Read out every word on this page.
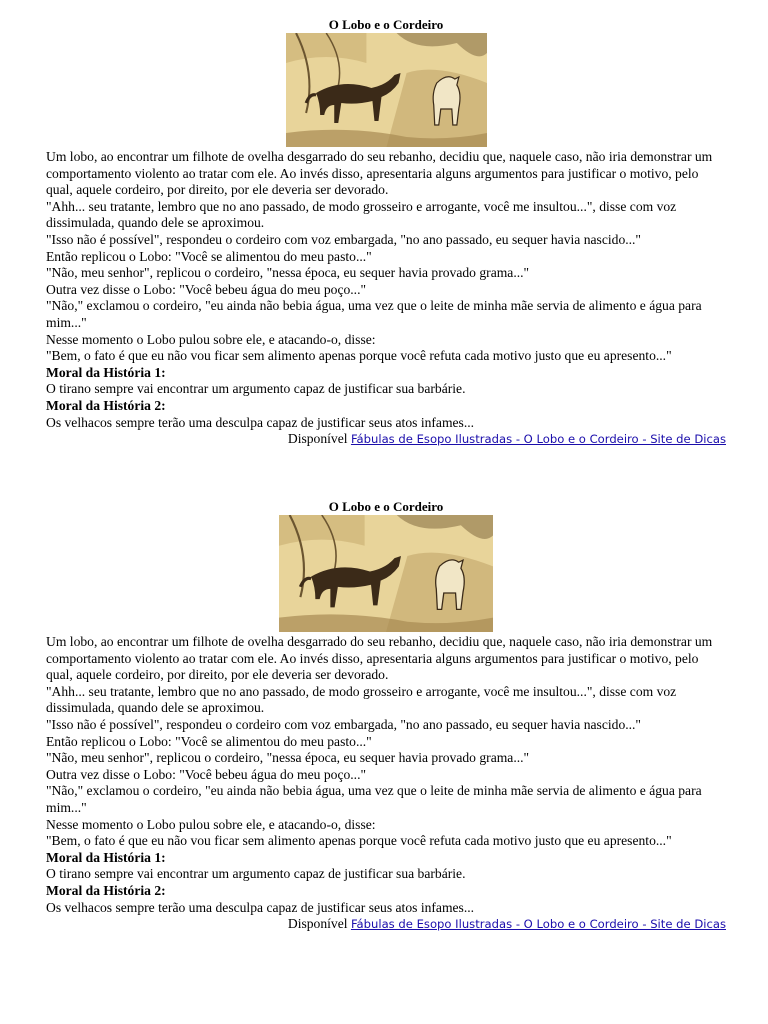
O Lobo e o Cordeiro
Um lobo, ao encontrar um filhote de ovelha desgarrado do seu rebanho, decidiu que, naquele caso, não iria demonstrar um comportamento violento ao tratar com ele. Ao invés disso, apresentaria alguns argumentos para justificar o motivo, pelo qual, aquele cordeiro, por direito, por ele deveria ser devorado.
"Ahh... seu tratante, lembro que no ano passado, de modo grosseiro e arrogante, você me insultou...", disse com voz dissimulada, quando dele se aproximou.
"Isso não é possível", respondeu o cordeiro com voz embargada, "no ano passado, eu sequer havia nascido..."
Então replicou o Lobo: "Você se alimentou do meu pasto..."
"Não, meu senhor", replicou o cordeiro, "nessa época, eu sequer havia provado grama..."
Outra vez disse o Lobo: "Você bebeu água do meu poço..."
"Não," exclamou o cordeiro, "eu ainda não bebia água, uma vez que o leite de minha mãe servia de alimento e água para mim..."
Nesse momento o Lobo pulou sobre ele, e atacando-o, disse:
"Bem, o fato é que eu não vou ficar sem alimento apenas porque você refuta cada motivo justo que eu apresento..."
Moral da História 1:
O tirano sempre vai encontrar um argumento capaz de justificar sua barbárie.
Moral da História 2:
Os velhacos sempre terão uma desculpa capaz de justificar seus atos infames...
Disponível Fábulas de Esopo Ilustradas - O Lobo e o Cordeiro - Site de Dicas
O Lobo e o Cordeiro
Um lobo, ao encontrar um filhote de ovelha desgarrado do seu rebanho, decidiu que, naquele caso, não iria demonstrar um comportamento violento ao tratar com ele. Ao invés disso, apresentaria alguns argumentos para justificar o motivo, pelo qual, aquele cordeiro, por direito, por ele deveria ser devorado.
"Ahh... seu tratante, lembro que no ano passado, de modo grosseiro e arrogante, você me insultou...", disse com voz dissimulada, quando dele se aproximou.
"Isso não é possível", respondeu o cordeiro com voz embargada, "no ano passado, eu sequer havia nascido..."
Então replicou o Lobo: "Você se alimentou do meu pasto..."
"Não, meu senhor", replicou o cordeiro, "nessa época, eu sequer havia provado grama..."
Outra vez disse o Lobo: "Você bebeu água do meu poço..."
"Não," exclamou o cordeiro, "eu ainda não bebia água, uma vez que o leite de minha mãe servia de alimento e água para mim..."
Nesse momento o Lobo pulou sobre ele, e atacando-o, disse:
"Bem, o fato é que eu não vou ficar sem alimento apenas porque você refuta cada motivo justo que eu apresento..."
Moral da História 1:
O tirano sempre vai encontrar um argumento capaz de justificar sua barbárie.
Moral da História 2:
Os velhacos sempre terão uma desculpa capaz de justificar seus atos infames...
Disponível Fábulas de Esopo Ilustradas - O Lobo e o Cordeiro - Site de Dicas
